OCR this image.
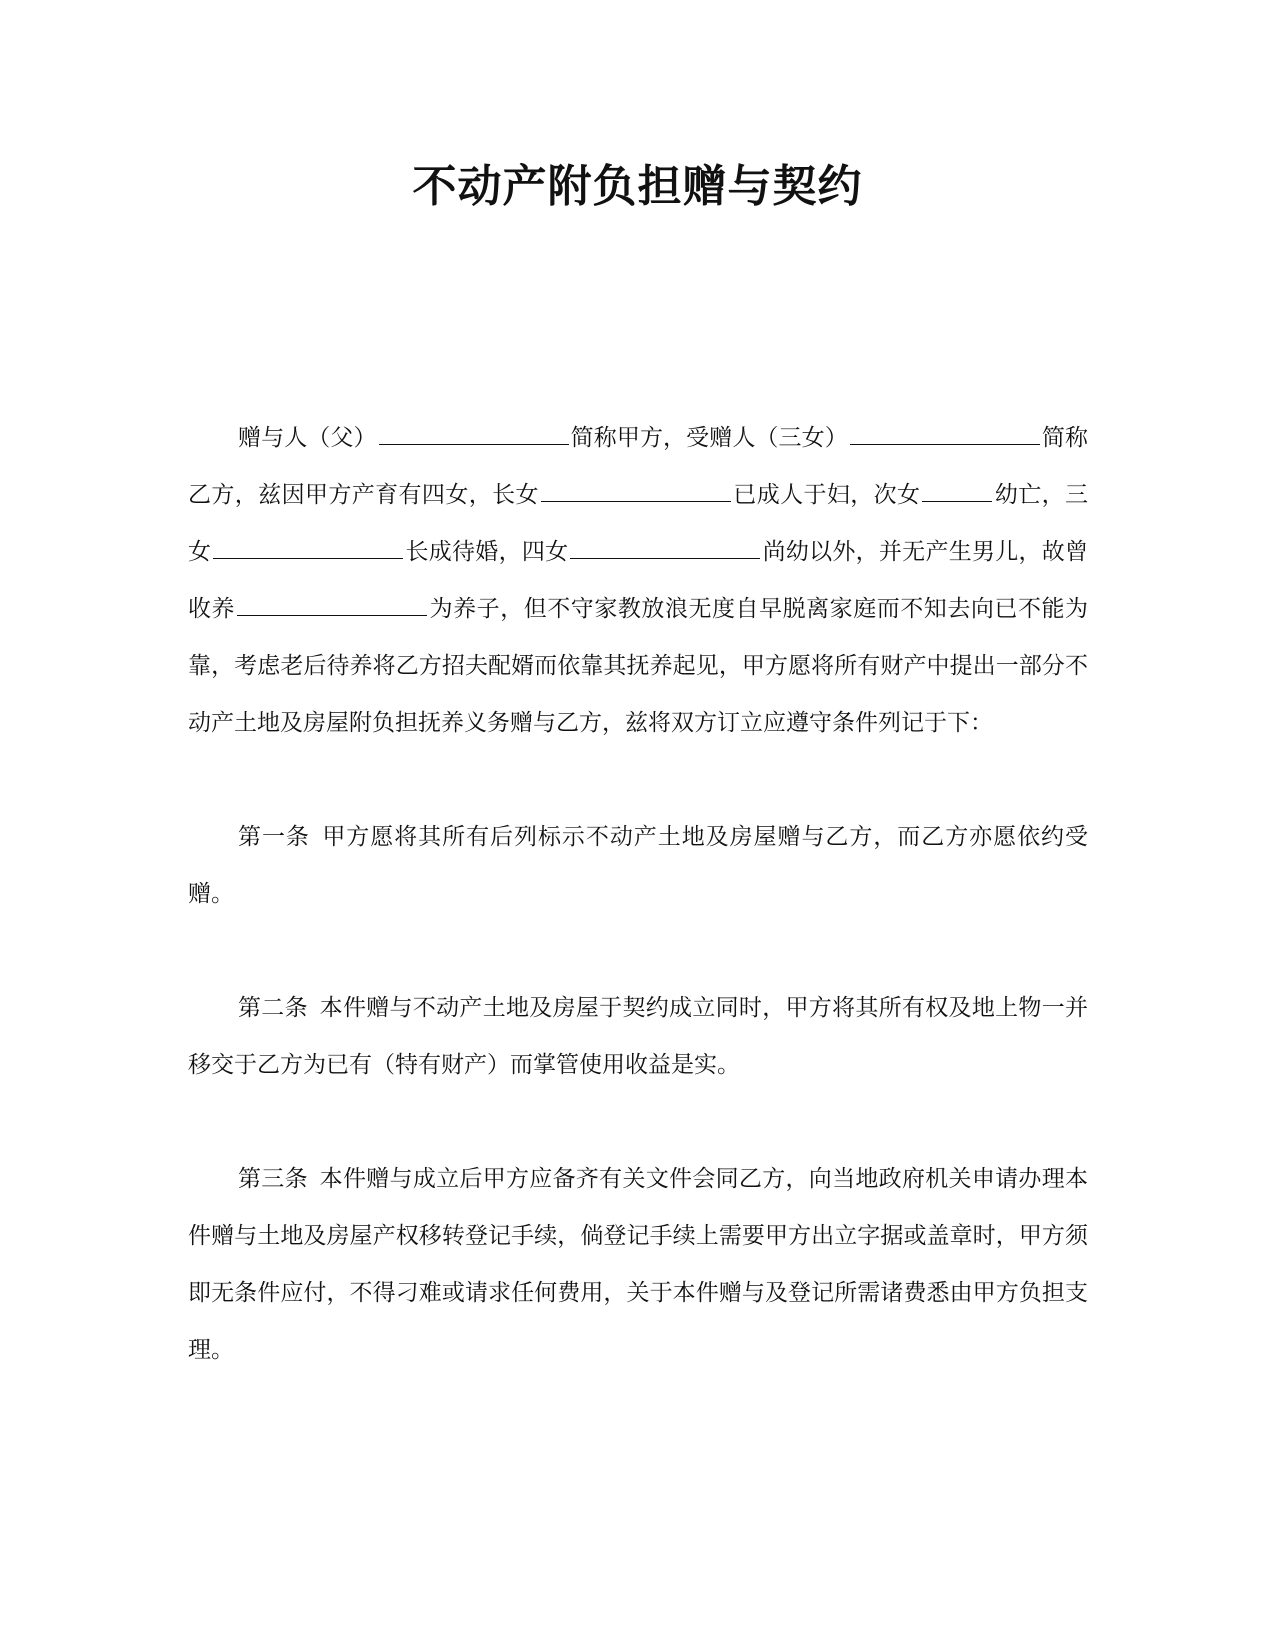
不动产附负担赠与契约

赠与人（父）	简称甲方，受赠人（三女）	简称乙方，兹因甲方产育有四女，长女	已成人于妇，次女	幼亡，三女	长成待婚，四女	尚幼以外，并无产生男儿，故曾收养	为养子，但不守家教放浪无度自早脱离家庭而不知去向已不能为靠，考虑老后待养将乙方招夫配婿而依靠其抚养起见，甲方愿将所有财产中提出一部分不动产土地及房屋附负担抚养义务赠与乙方，兹将双方订立应遵守条件列记于下：

第一条  甲方愿将其所有后列标示不动产土地及房屋赠与乙方，而乙方亦愿依约受赠。

第二条  本件赠与不动产土地及房屋于契约成立同时，甲方将其所有权及地上物一并移交于乙方为已有（特有财产）而掌管使用收益是实。

第三条  本件赠与成立后甲方应备齐有关文件会同乙方，向当地政府机关申请办理本件赠与土地及房屋产权移转登记手续，倘登记手续上需要甲方出立字据或盖章时，甲方须即无条件应付，不得刁难或请求任何费用，关于本件赠与及登记所需诸费悉由甲方负担支理。
